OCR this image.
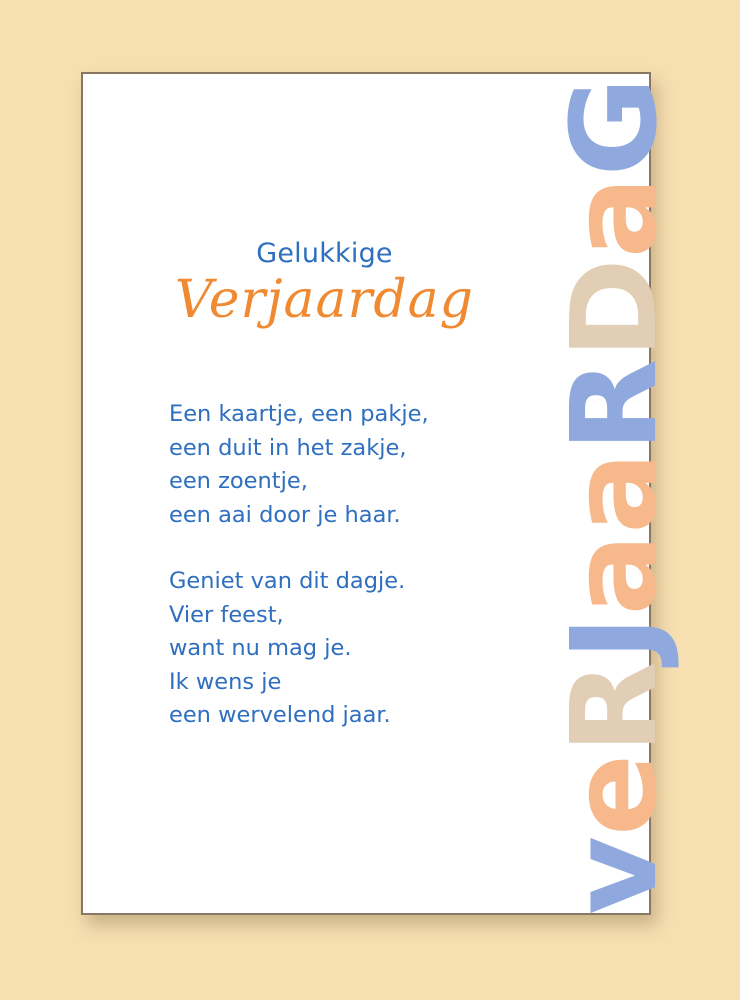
Gelukkige
Verjaardag
Een kaartje, een pakje,
een duit in het zakje,
een zoentje,
een aai door je haar.
Geniet van dit dagje.
Vier feest,
want nu mag je.
Ik wens je
een wervelend jaar.
veRJaaRDaG
